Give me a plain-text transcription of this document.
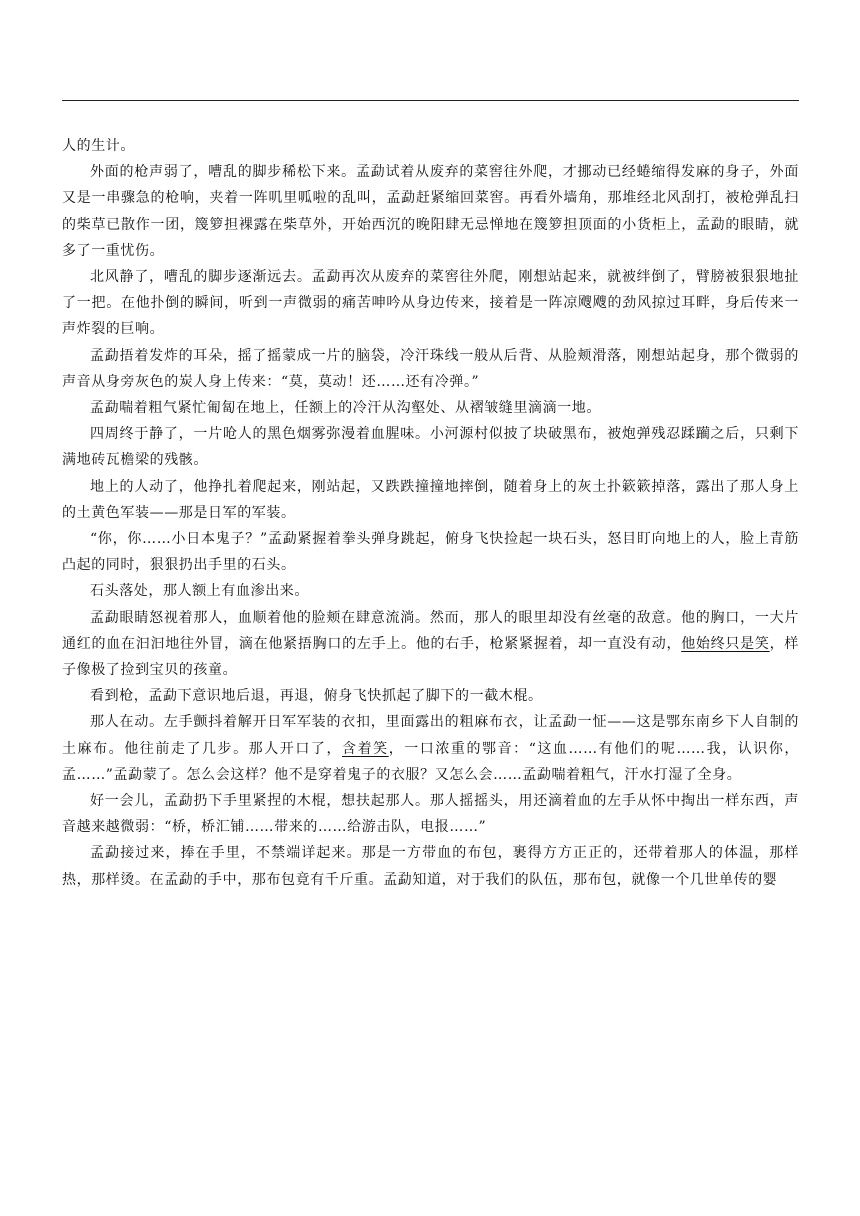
人的生计。

外面的枪声弱了，嘈乱的脚步稀松下来。孟勐试着从废弃的菜窖往外爬，才挪动已经蜷缩得发麻的身子，外面又是一串骤急的枪响，夹着一阵叽里呱啦的乱叫，孟勐赶紧缩回菜窖。再看外墙角，那堆经北风刮打，被枪弹乱扫的柴草已散作一团，篾箩担裸露在柴草外，开始西沉的晚阳肆无忌惮地在篾箩担顶面的小货柜上，孟勐的眼睛，就多了一重忧伤。

北风静了，嘈乱的脚步逐渐远去。孟勐再次从废弃的菜窖往外爬，刚想站起来，就被绊倒了，臂膀被狠狠地扯了一把。在他扑倒的瞬间，听到一声微弱的痛苦呻吟从身边传来，接着是一阵凉飕飕的劲风掠过耳畔，身后传来一声炸裂的巨响。

孟勐捂着发炸的耳朵，摇了摇蒙成一片的脑袋，冷汗珠线一般从后背、从脸颊滑落，刚想站起身，那个微弱的声音从身旁灰色的炭人身上传来：“莫，莫动！还……还有冷弹。”

孟勐喘着粗气紧忙匍匐在地上，任额上的冷汗从沟壑处、从褶皱缝里滴滴一地。

四周终于静了，一片呛人的黑色烟雾弥漫着血腥味。小河源村似披了块破黑布，被炮弹残忍蹂躏之后，只剩下满地砖瓦檐梁的残骸。

地上的人动了，他挣扎着爬起来，刚站起，又跌跌撞撞地摔倒，随着身上的灰土扑簌簌掉落，露出了那人身上的土黄色军装——那是日军的军装。

“你，你……小日本鬼子？”孟勐紧握着拳头弹身跳起，俯身飞快捡起一块石头，怒目盯向地上的人，脸上青筋凸起的同时，狠狠扔出手里的石头。

石头落处，那人额上有血渗出来。

孟勐眼睛怒视着那人，血顺着他的脸颊在肆意流淌。然而，那人的眼里却没有丝毫的敌意。他的胸口，一大片通红的血在汩汩地往外冒，滴在他紧捂胸口的左手上。他的右手，枪紧紧握着，却一直没有动，他始终只是笑，样子像极了捡到宝贝的孩童。

看到枪，孟勐下意识地后退，再退，俯身飞快抓起了脚下的一截木棍。

那人在动。左手颤抖着解开日军军装的衣扣，里面露出的粗麻布衣，让孟勐一怔——这是鄂东南乡下人自制的土麻布。他往前走了几步。那人开口了，含着笑，一口浓重的鄂音：“这血……有他们的呢……我，认识你，孟……”孟勐蒙了。怎么会这样？他不是穿着鬼子的衣服？又怎么会……孟勐喘着粗气，汗水打湿了全身。

好一会儿，孟勐扔下手里紧捏的木棍，想扶起那人。那人摇摇头，用还滴着血的左手从怀中掏出一样东西，声音越来越微弱：“桥，桥汇铺……带来的……给游击队，电报……”

孟勐接过来，捧在手里，不禁端详起来。那是一方带血的布包，裹得方方正正的，还带着那人的体温，那样热，那样烫。在孟勐的手中，那布包竟有千斤重。孟勐知道，对于我们的队伍，那布包，就像一个几世单传的婴
